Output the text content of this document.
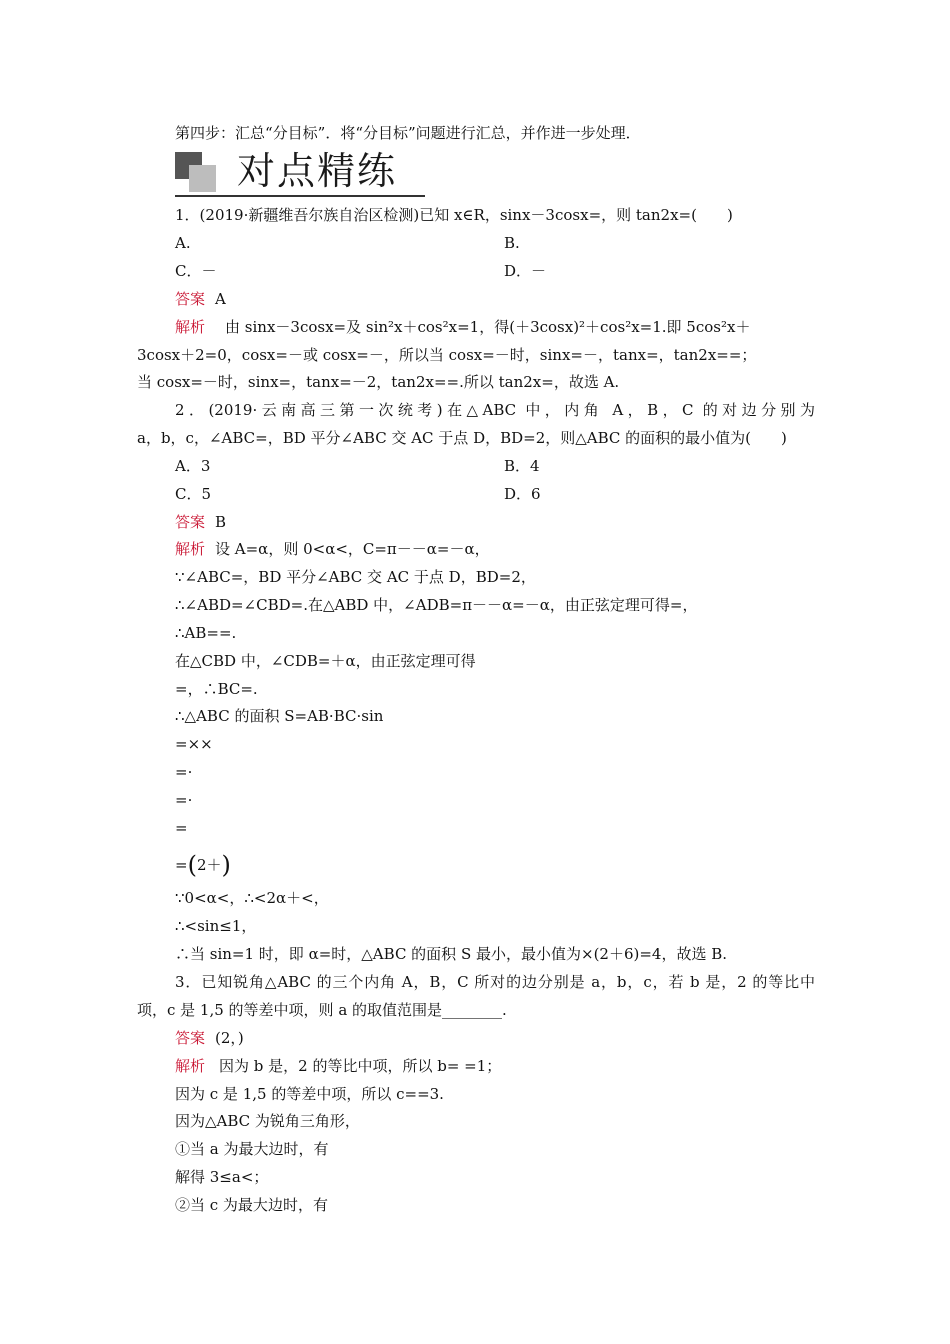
第四步：汇总“分目标”．将“分目标”问题进行汇总，并作进一步处理．
对点精练
1．(2019·新疆维吾尔族自治区检测)已知 x∈R，sinx－3cosx=，则 tan2x=(　　)
A.	B.
C．－	D．－
答案 A
解析 由 sinx－3cosx=及 sin²x＋cos²x=1，得(＋3cosx)²＋cos²x=1.即 5cos²x＋
3cosx＋2=0，cosx=－或 cosx=－，所以当 cosx=－时，sinx=－，tanx=，tan2x==；
当 cosx=－时，sinx=，tanx=－2，tan2x==.所以 tan2x=，故选 A.
2．(2019·云南高三第一次统考)在△ABC 中，内角 A，B，C 的对边分别为
a，b，c，∠ABC=，BD 平分∠ABC 交 AC 于点 D，BD=2，则△ABC 的面积的最小值为(　　)
A．3	B．4
C．5	D．6
答案 B
解析 设 A=α，则 0<α<，C=π－－α=－α，
∵∠ABC=，BD 平分∠ABC 交 AC 于点 D，BD=2，
∴∠ABD=∠CBD=.在△ABD 中，∠ADB=π－－α=－α，由正弦定理可得=，
∴AB==.
在△CBD 中，∠CDB=＋α，由正弦定理可得
=，∴BC=.
∴△ABC 的面积 S=AB·BC·sin
=××
=·
=·
=
=(2＋)
∵0<α<，∴<2α＋<，
∴<sin≤1，
∴当 sin=1 时，即 α=时，△ABC 的面积 S 最小，最小值为×(2＋6)=4，故选 B.
3．已知锐角△ABC 的三个内角 A，B，C 所对的边分别是 a，b，c，若 b 是，2 的等比中
项，c 是 1,5 的等差中项，则 a 的取值范围是________.
答案 (2，)
解析 因为 b 是，2 的等比中项，所以 b= =1；
因为 c 是 1,5 的等差中项，所以 c==3.
因为△ABC 为锐角三角形，
①当 a 为最大边时，有
解得 3≤a<；
②当 c 为最大边时，有
